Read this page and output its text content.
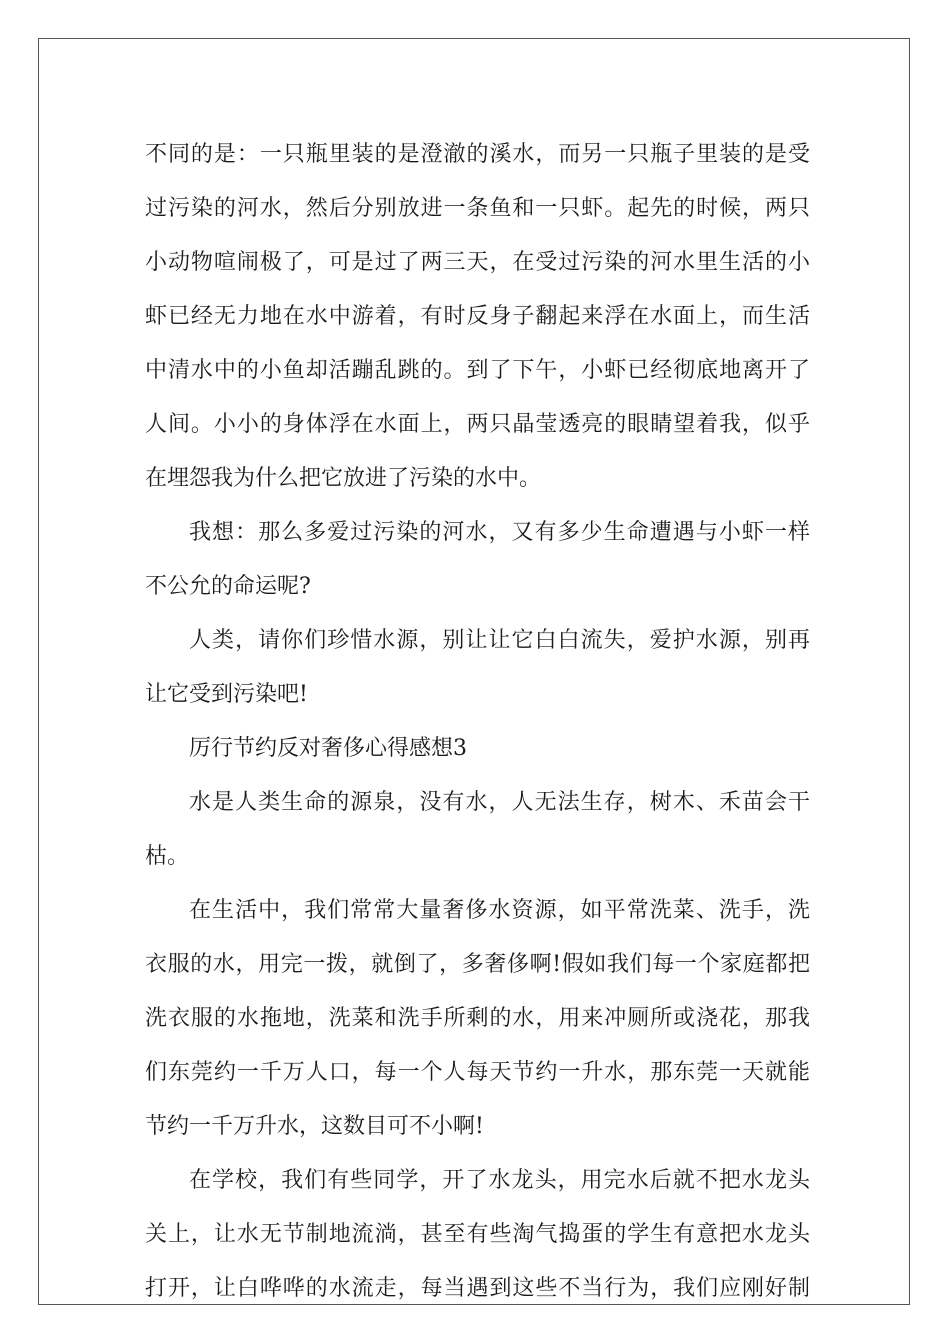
不同的是：一只瓶里装的是澄澈的溪水，而另一只瓶子里装的是受
过污染的河水，然后分别放进一条鱼和一只虾。起先的时候，两只
小动物喧闹极了，可是过了两三天，在受过污染的河水里生活的小
虾已经无力地在水中游着，有时反身子翻起来浮在水面上，而生活
中清水中的小鱼却活蹦乱跳的。到了下午，小虾已经彻底地离开了
人间。小小的身体浮在水面上，两只晶莹透亮的眼睛望着我，似乎
在埋怨我为什么把它放进了污染的水中。

我想：那么多爱过污染的河水，又有多少生命遭遇与小虾一样
不公允的命运呢?

人类，请你们珍惜水源，别让让它白白流失，爱护水源，别再
让它受到污染吧!

厉行节约反对奢侈心得感想3

水是人类生命的源泉，没有水，人无法生存，树木、禾苗会干
枯。

在生活中，我们常常大量奢侈水资源，如平常洗菜、洗手，洗
衣服的水，用完一拨，就倒了，多奢侈啊!假如我们每一个家庭都把
洗衣服的水拖地，洗菜和洗手所剩的水，用来冲厕所或浇花，那我
们东莞约一千万人口，每一个人每天节约一升水，那东莞一天就能
节约一千万升水，这数目可不小啊!

在学校，我们有些同学，开了水龙头，用完水后就不把水龙头
关上，让水无节制地流淌，甚至有些淘气捣蛋的学生有意把水龙头
打开，让白哗哗的水流走，每当遇到这些不当行为，我们应刚好制
